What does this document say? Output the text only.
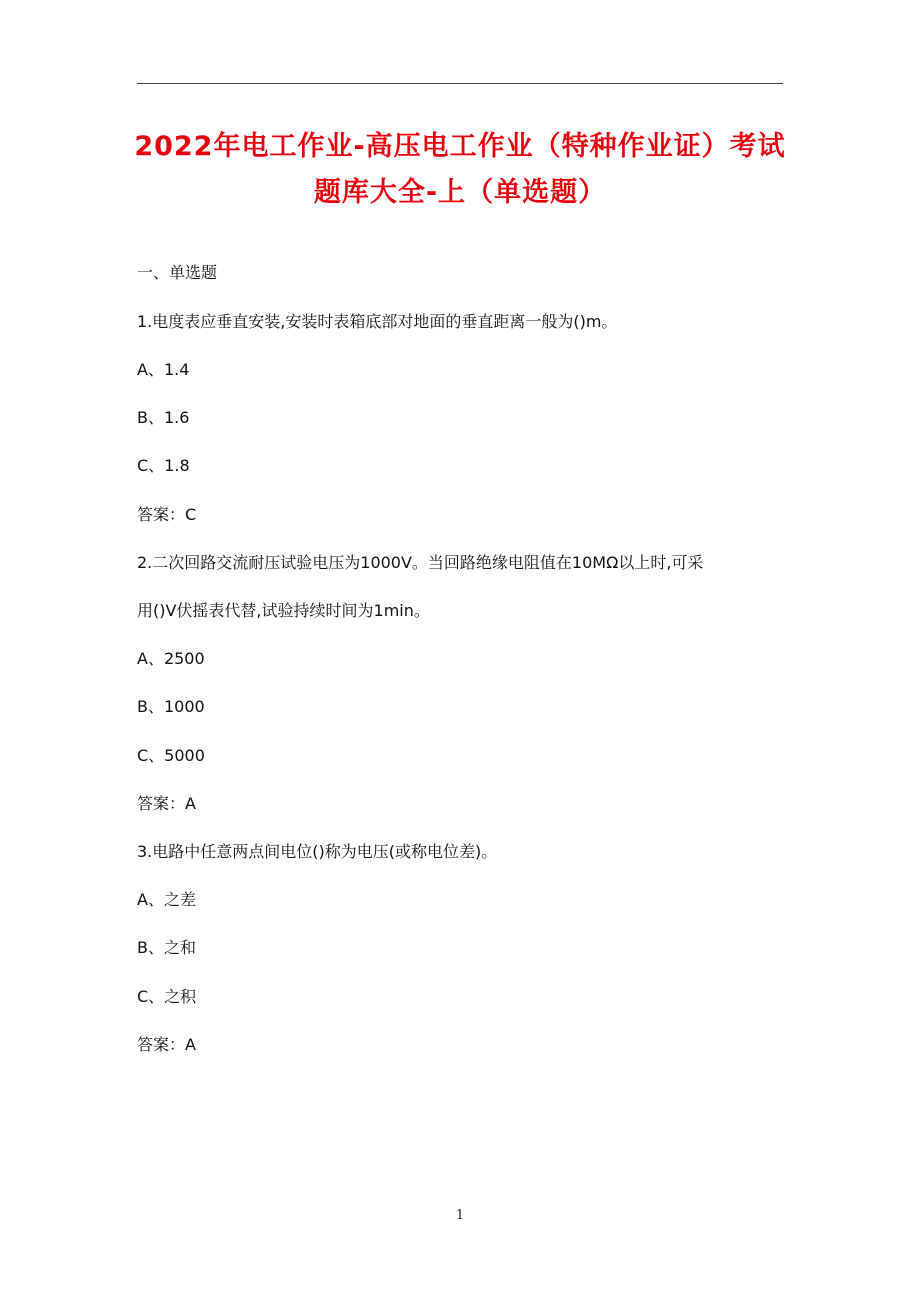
2022年电工作业-高压电工作业（特种作业证）考试
题库大全-上（单选题）
一、单选题
1.电度表应垂直安装,安装时表箱底部对地面的垂直距离一般为()m。
A、1.4
B、1.6
C、1.8
答案：C
2.二次回路交流耐压试验电压为1000V。当回路绝缘电阻值在10MΩ以上时,可采
用()V伏摇表代替,试验持续时间为1min。
A、2500
B、1000
C、5000
答案：A
3.电路中任意两点间电位()称为电压(或称电位差)。
A、之差
B、之和
C、之积
答案：A
1
